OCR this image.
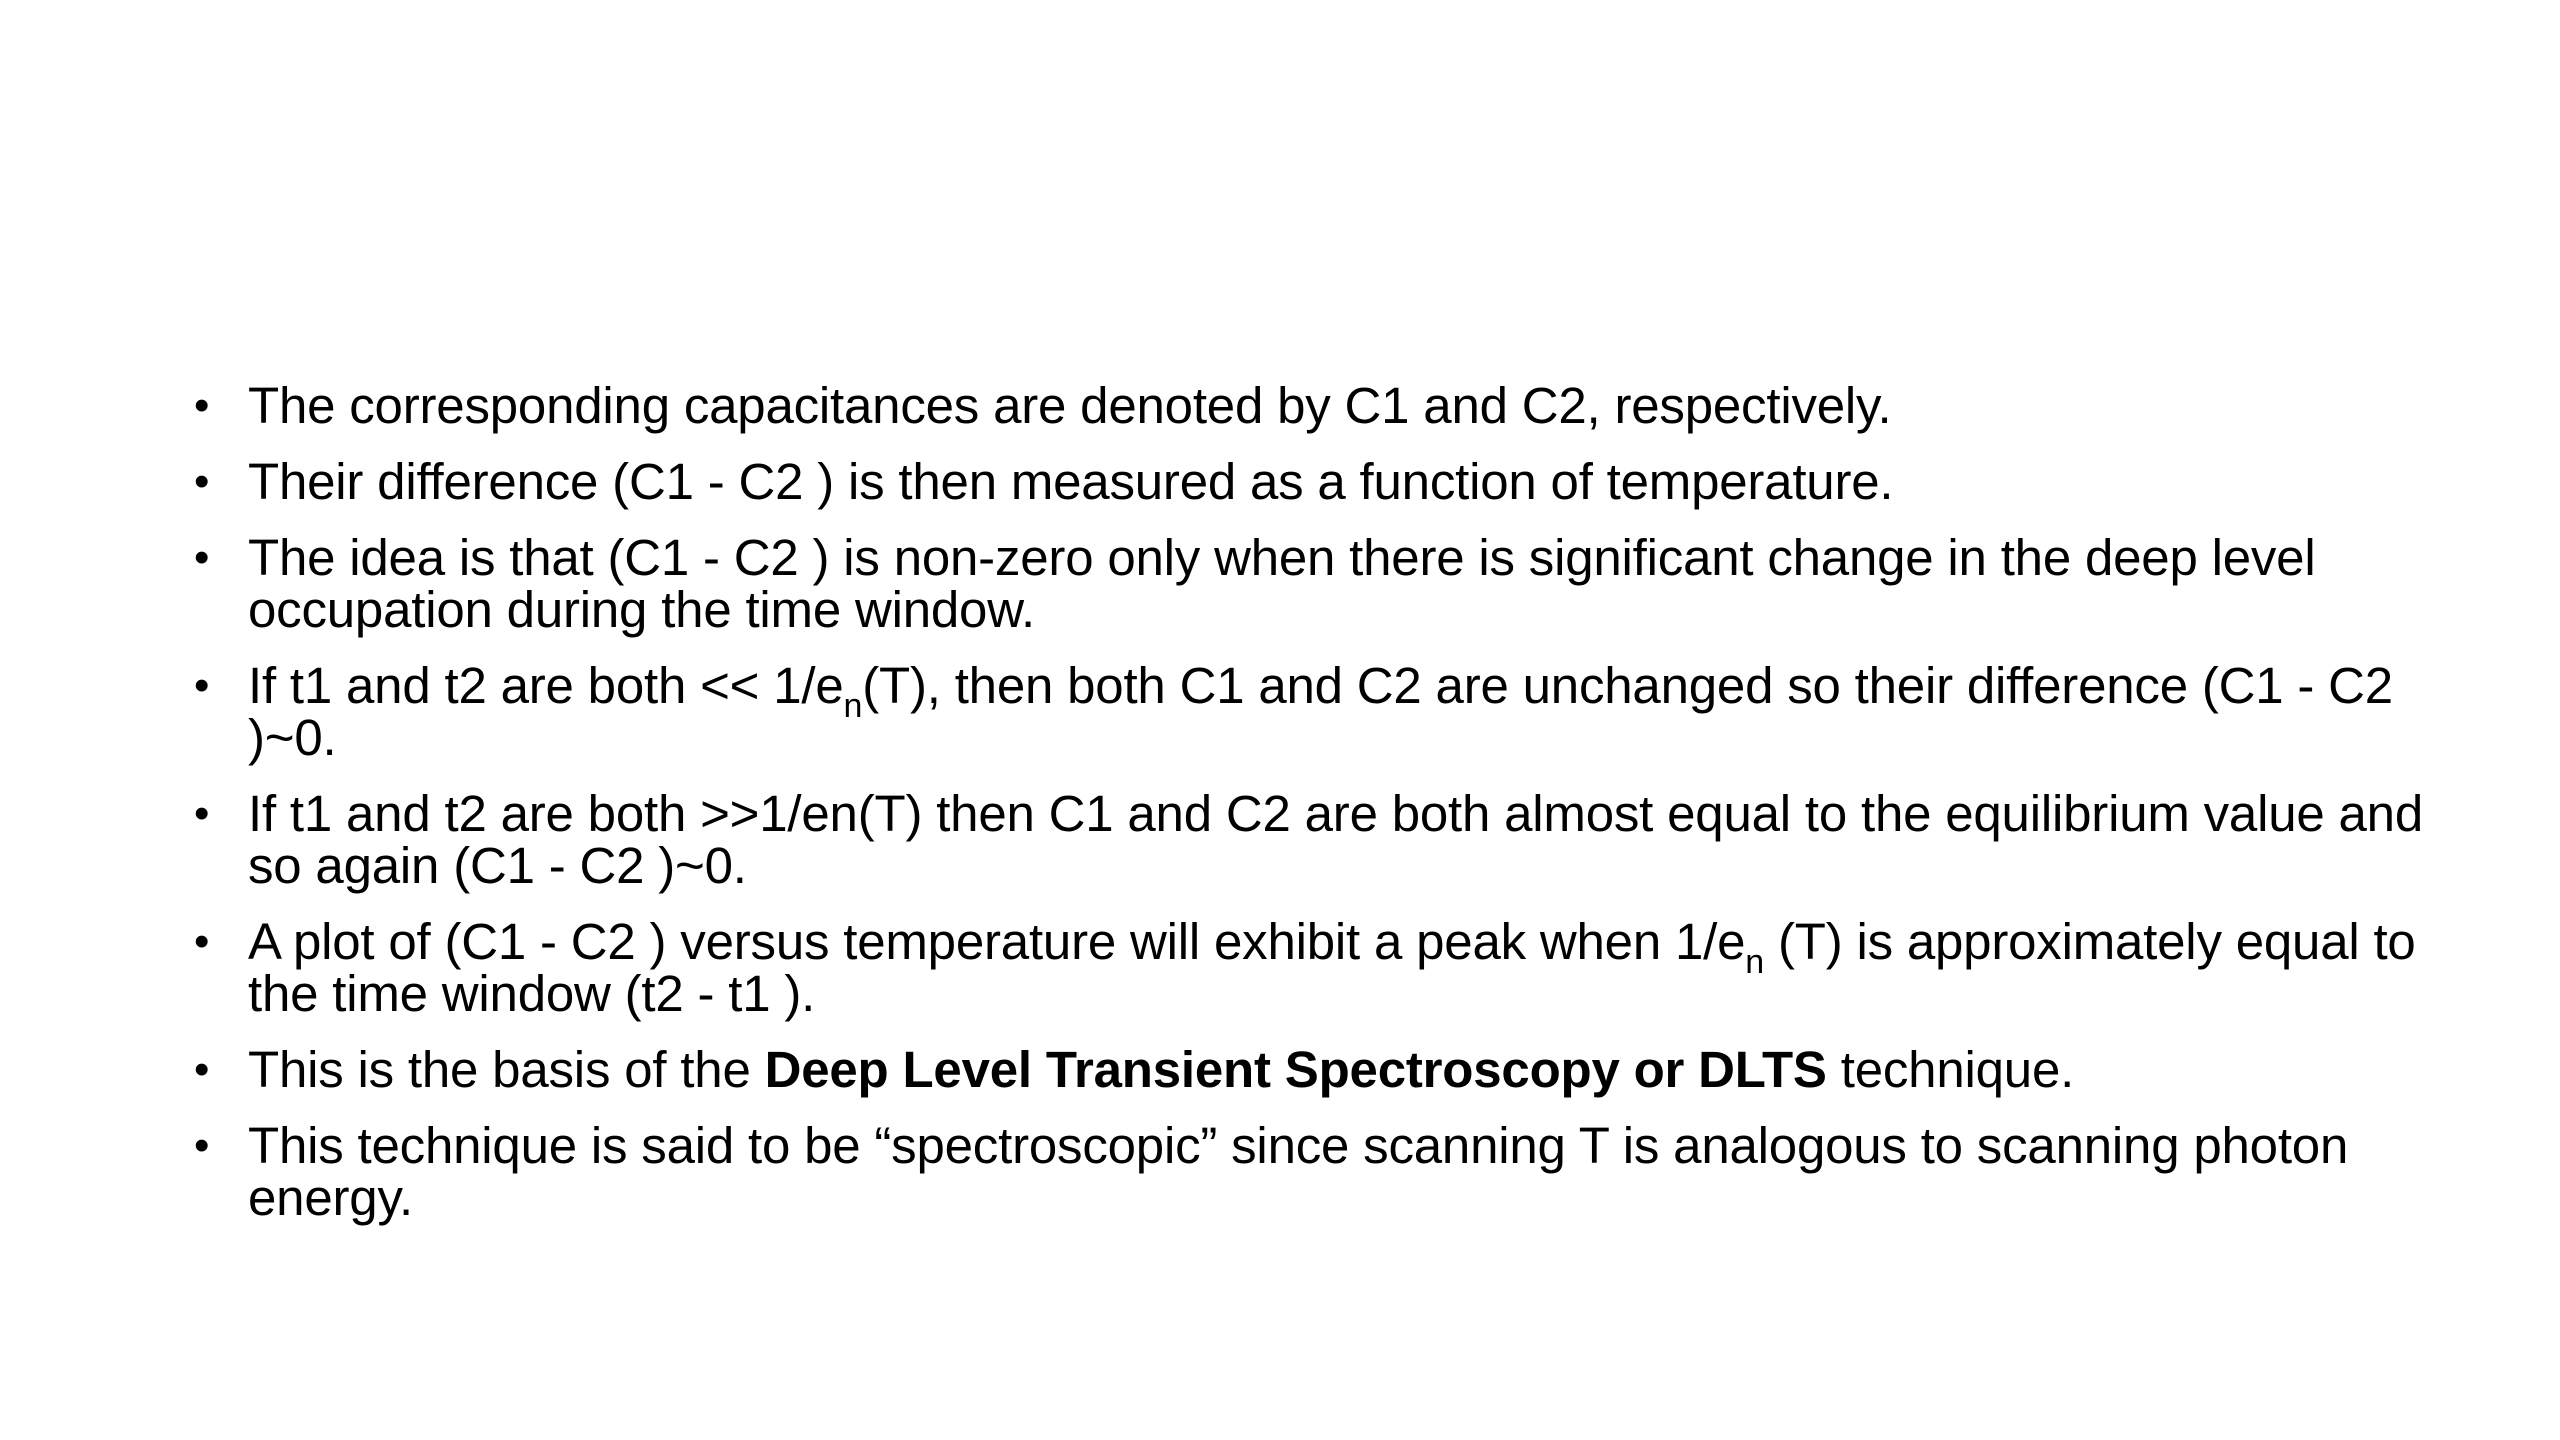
• The corresponding capacitances are denoted by C1 and C2, respectively.
• Their difference (C1 - C2 ) is then measured as a function of temperature.
• The idea is that (C1 - C2 ) is non-zero only when there is significant change in the deep level occupation during the time window.
• If t1 and t2 are both << $1/e_n(T)$, then both C1 and C2 are unchanged so their difference (C1 - C2 )~0.
• If t1 and t2 are both >>1/en(T) then C1 and C2 are both almost equal to the equilibrium value and so again (C1 - C2 )~0.
• A plot of (C1 - C2 ) versus temperature will exhibit a peak when $1/e_n$ (T) is approximately equal to the time window (t2 - t1 ).
• This is the basis of the Deep Level Transient Spectroscopy or DLTS technique.
• This technique is said to be “spectroscopic” since scanning T is analogous to scanning photon energy.
